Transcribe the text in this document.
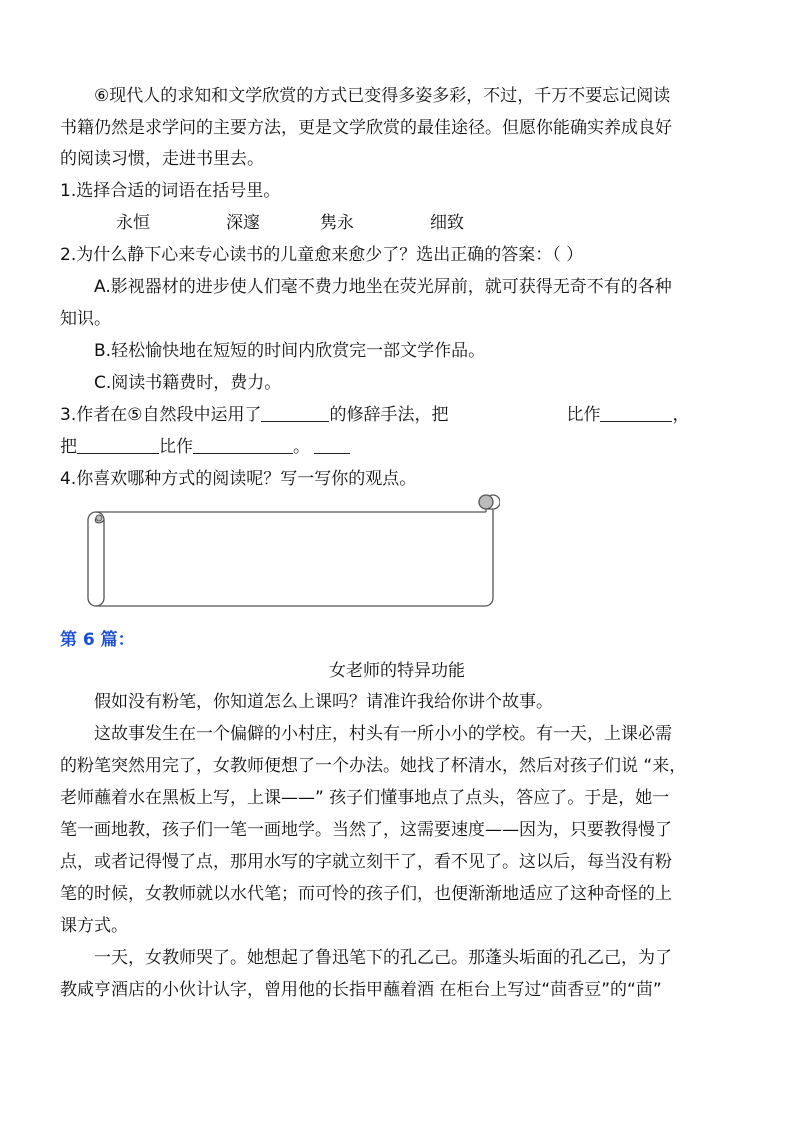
⑥现代人的求知和文学欣赏的方式已变得多姿多彩，不过，千万不要忘记阅读
书籍仍然是求学问的主要方法，更是文学欣赏的最佳途径。但愿你能确实养成良好
的阅读习惯，走进书里去。
1.选择合适的词语在括号里。
永恒	深邃	隽永	细致
2.为什么静下心来专心读书的儿童愈来愈少了？选出正确的答案：（ ）
A.影视器材的进步使人们毫不费力地坐在荧光屏前，就可获得无奇不有的各种
知识。
B.轻松愉快地在短短的时间内欣赏完一部文学作品。
C.阅读书籍费时，费力。
3.作者在⑤自然段中运用了	的修辞手法，把	比作	，
把	比作	。
4.你喜欢哪种方式的阅读呢？写一写你的观点。
第 6 篇：
女老师的特异功能
假如没有粉笔，你知道怎么上课吗？请准许我给你讲个故事。
这故事发生在一个偏僻的小村庄，村头有一所小小的学校。有一天，上课必需
的粉笔突然用完了，女教师便想了一个办法。她找了杯清水，然后对孩子们说 “来，
老师蘸着水在黑板上写，上课——” 孩子们懂事地点了点头，答应了。于是，她一
笔一画地教，孩子们一笔一画地学。当然了，这需要速度——因为，只要教得慢了
点，或者记得慢了点，那用水写的字就立刻干了，看不见了。这以后，每当没有粉
笔的时候，女教师就以水代笔；而可怜的孩子们，也便渐渐地适应了这种奇怪的上
课方式。
一天，女教师哭了。她想起了鲁迅笔下的孔乙己。那蓬头垢面的孔乙己，为了
教咸亨酒店的小伙计认字，曾用他的长指甲蘸着酒 在柜台上写过“茴香豆”的“茴”
